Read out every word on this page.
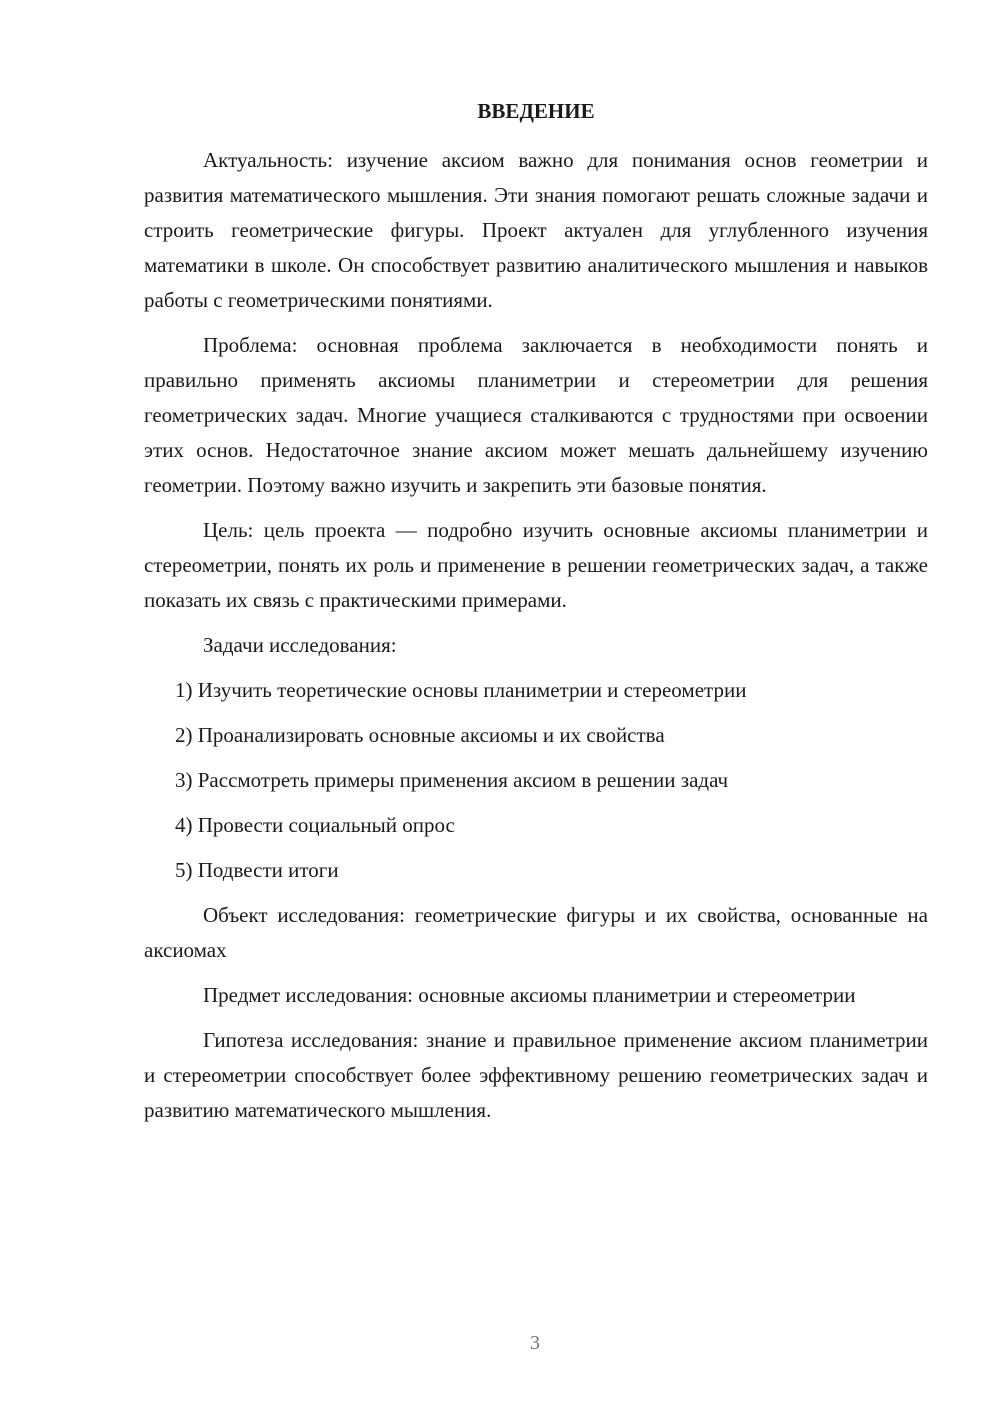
ВВЕДЕНИЕ

Актуальность: изучение аксиом важно для понимания основ геометрии и развития математического мышления. Эти знания помогают решать сложные задачи и строить геометрические фигуры. Проект актуален для углубленного изучения математики в школе. Он способствует развитию аналитического мышления и навыков работы с геометрическими понятиями.

Проблема: основная проблема заключается в необходимости понять и правильно применять аксиомы планиметрии и стереометрии для решения геометрических задач. Многие учащиеся сталкиваются с трудностями при освоении этих основ. Недостаточное знание аксиом может мешать дальнейшему изучению геометрии. Поэтому важно изучить и закрепить эти базовые понятия.

Цель: цель проекта — подробно изучить основные аксиомы планиметрии и стереометрии, понять их роль и применение в решении геометрических задач, а также показать их связь с практическими примерами.

Задачи исследования:

1) Изучить теоретические основы планиметрии и стереометрии
2) Проанализировать основные аксиомы и их свойства
3) Рассмотреть примеры применения аксиом в решении задач
4) Провести социальный опрос
5) Подвести итоги

Объект исследования: геометрические фигуры и их свойства, основанные на аксиомах

Предмет исследования: основные аксиомы планиметрии и стереометрии

Гипотеза исследования: знание и правильное применение аксиом планиметрии и стереометрии способствует более эффективному решению геометрических задач и развитию математического мышления.

3
